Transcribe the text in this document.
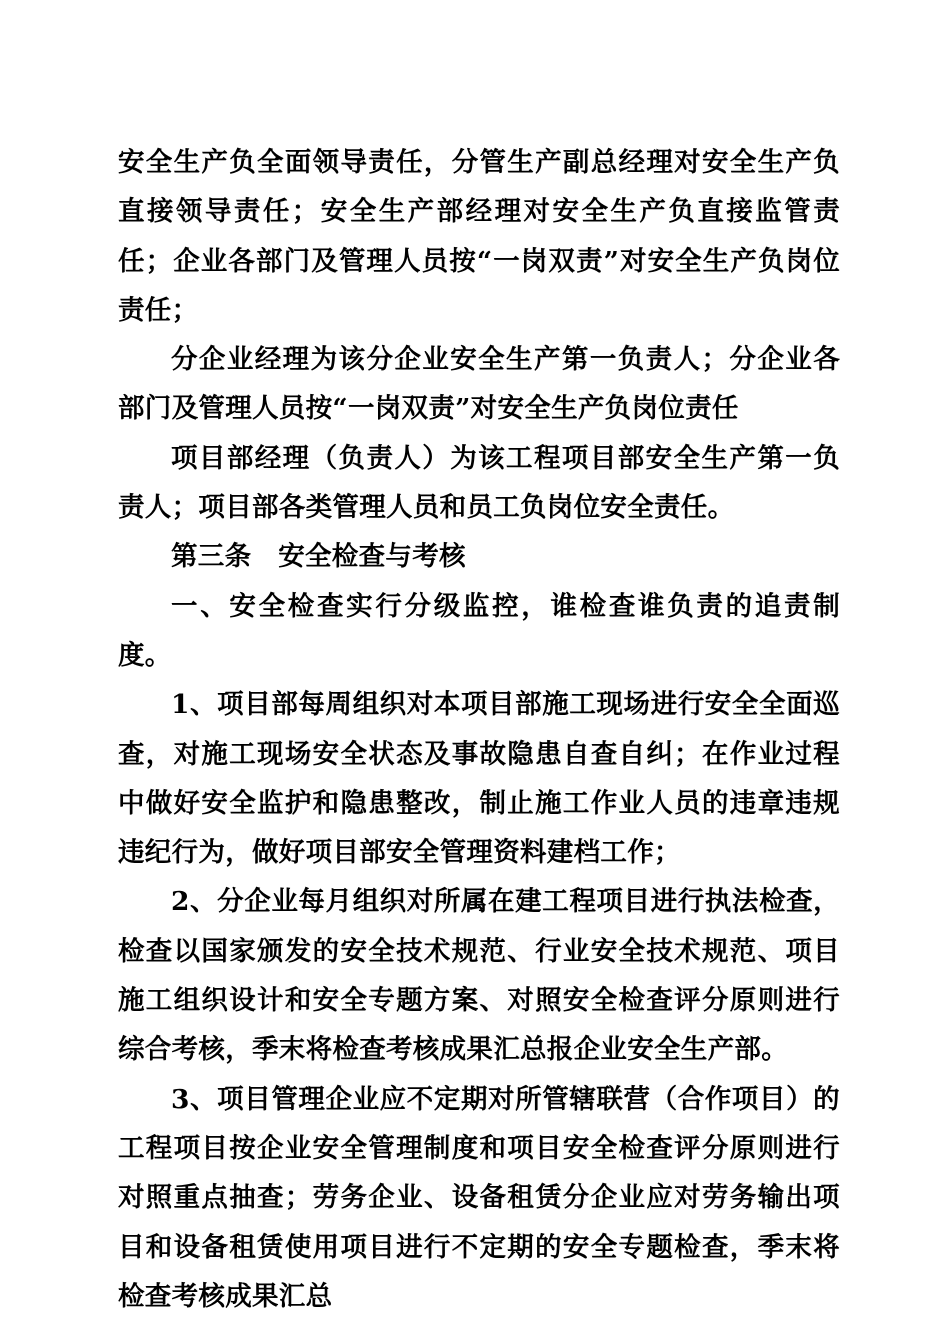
安全生产负全面领导责任，分管生产副总经理对安全生产负直接领导责任；安全生产部经理对安全生产负直接监管责任；企业各部门及管理人员按“一岗双责”对安全生产负岗位责任；

分企业经理为该分企业安全生产第一负责人；分企业各部门及管理人员按“一岗双责”对安全生产负岗位责任

项目部经理（负责人）为该工程项目部安全生产第一负责人；项目部各类管理人员和员工负岗位安全责任。

第三条　安全检查与考核

一、安全检查实行分级监控，谁检查谁负责的追责制度。

1、项目部每周组织对本项目部施工现场进行安全全面巡查，对施工现场安全状态及事故隐患自查自纠；在作业过程中做好安全监护和隐患整改，制止施工作业人员的违章违规违纪行为，做好项目部安全管理资料建档工作；

2、分企业每月组织对所属在建工程项目进行执法检查，检查以国家颁发的安全技术规范、行业安全技术规范、项目施工组织设计和安全专题方案、对照安全检查评分原则进行综合考核，季末将检查考核成果汇总报企业安全生产部。

3、项目管理企业应不定期对所管辖联营（合作项目）的工程项目按企业安全管理制度和项目安全检查评分原则进行对照重点抽查；劳务企业、设备租赁分企业应对劳务输出项目和设备租赁使用项目进行不定期的安全专题检查，季末将检查考核成果汇总
